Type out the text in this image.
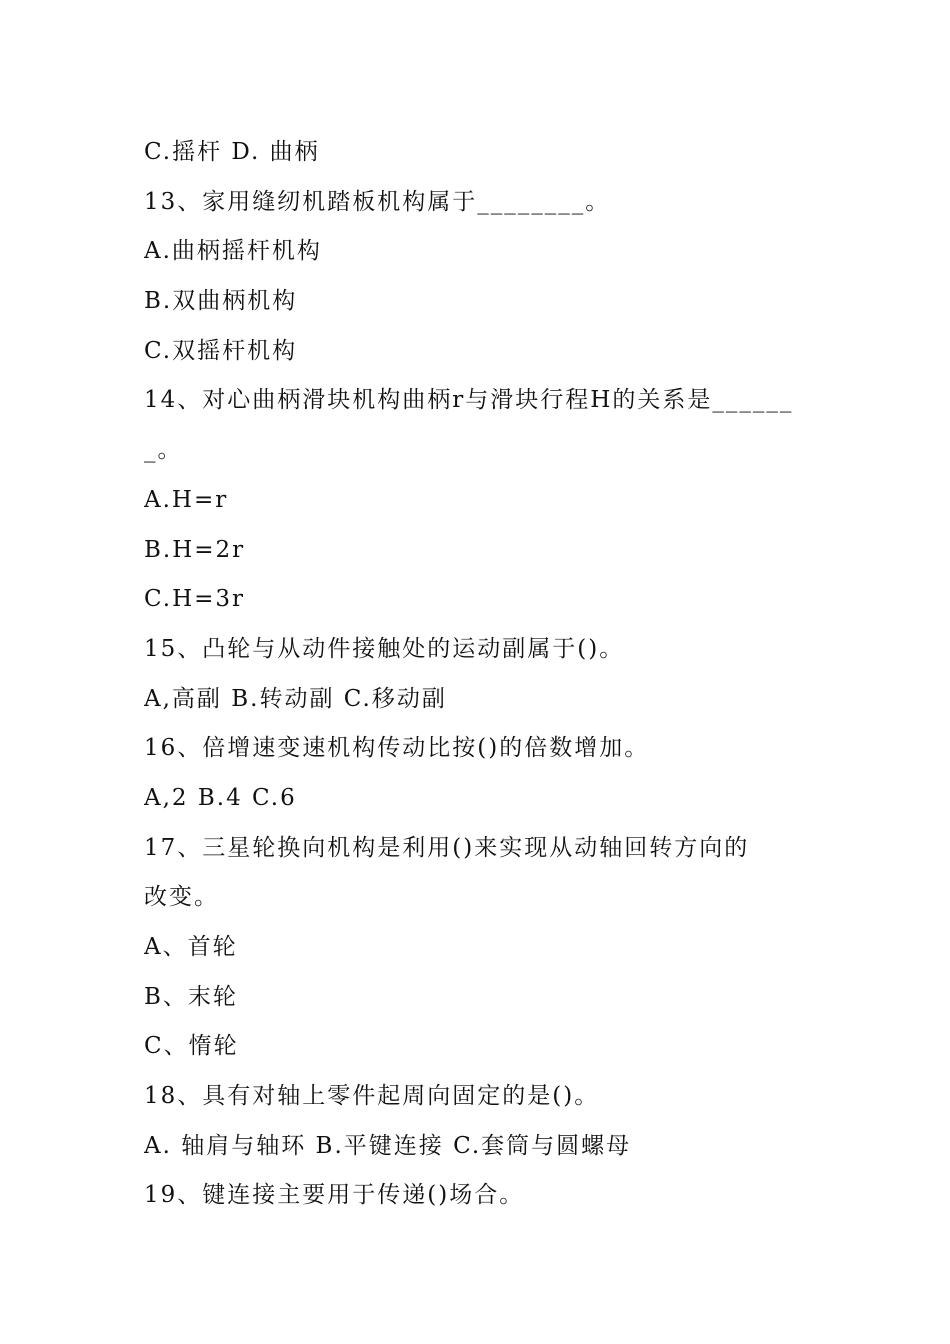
C.摇杆 D. 曲柄
13、家用缝纫机踏板机构属于________。
A.曲柄摇杆机构
B.双曲柄机构
C.双摇杆机构
14、对心曲柄滑块机构曲柄r与滑块行程H的关系是______
_。
A.H=r
B.H=2r
C.H=3r
15、凸轮与从动件接触处的运动副属于()。
A,高副 B.转动副 C.移动副
16、倍增速变速机构传动比按()的倍数增加。
A,2 B.4 C.6
17、三星轮换向机构是利用()来实现从动轴回转方向的
改变。
A、首轮
B、末轮
C、惰轮
18、具有对轴上零件起周向固定的是()。
A. 轴肩与轴环 B.平键连接 C.套筒与圆螺母
19、键连接主要用于传递()场合。
